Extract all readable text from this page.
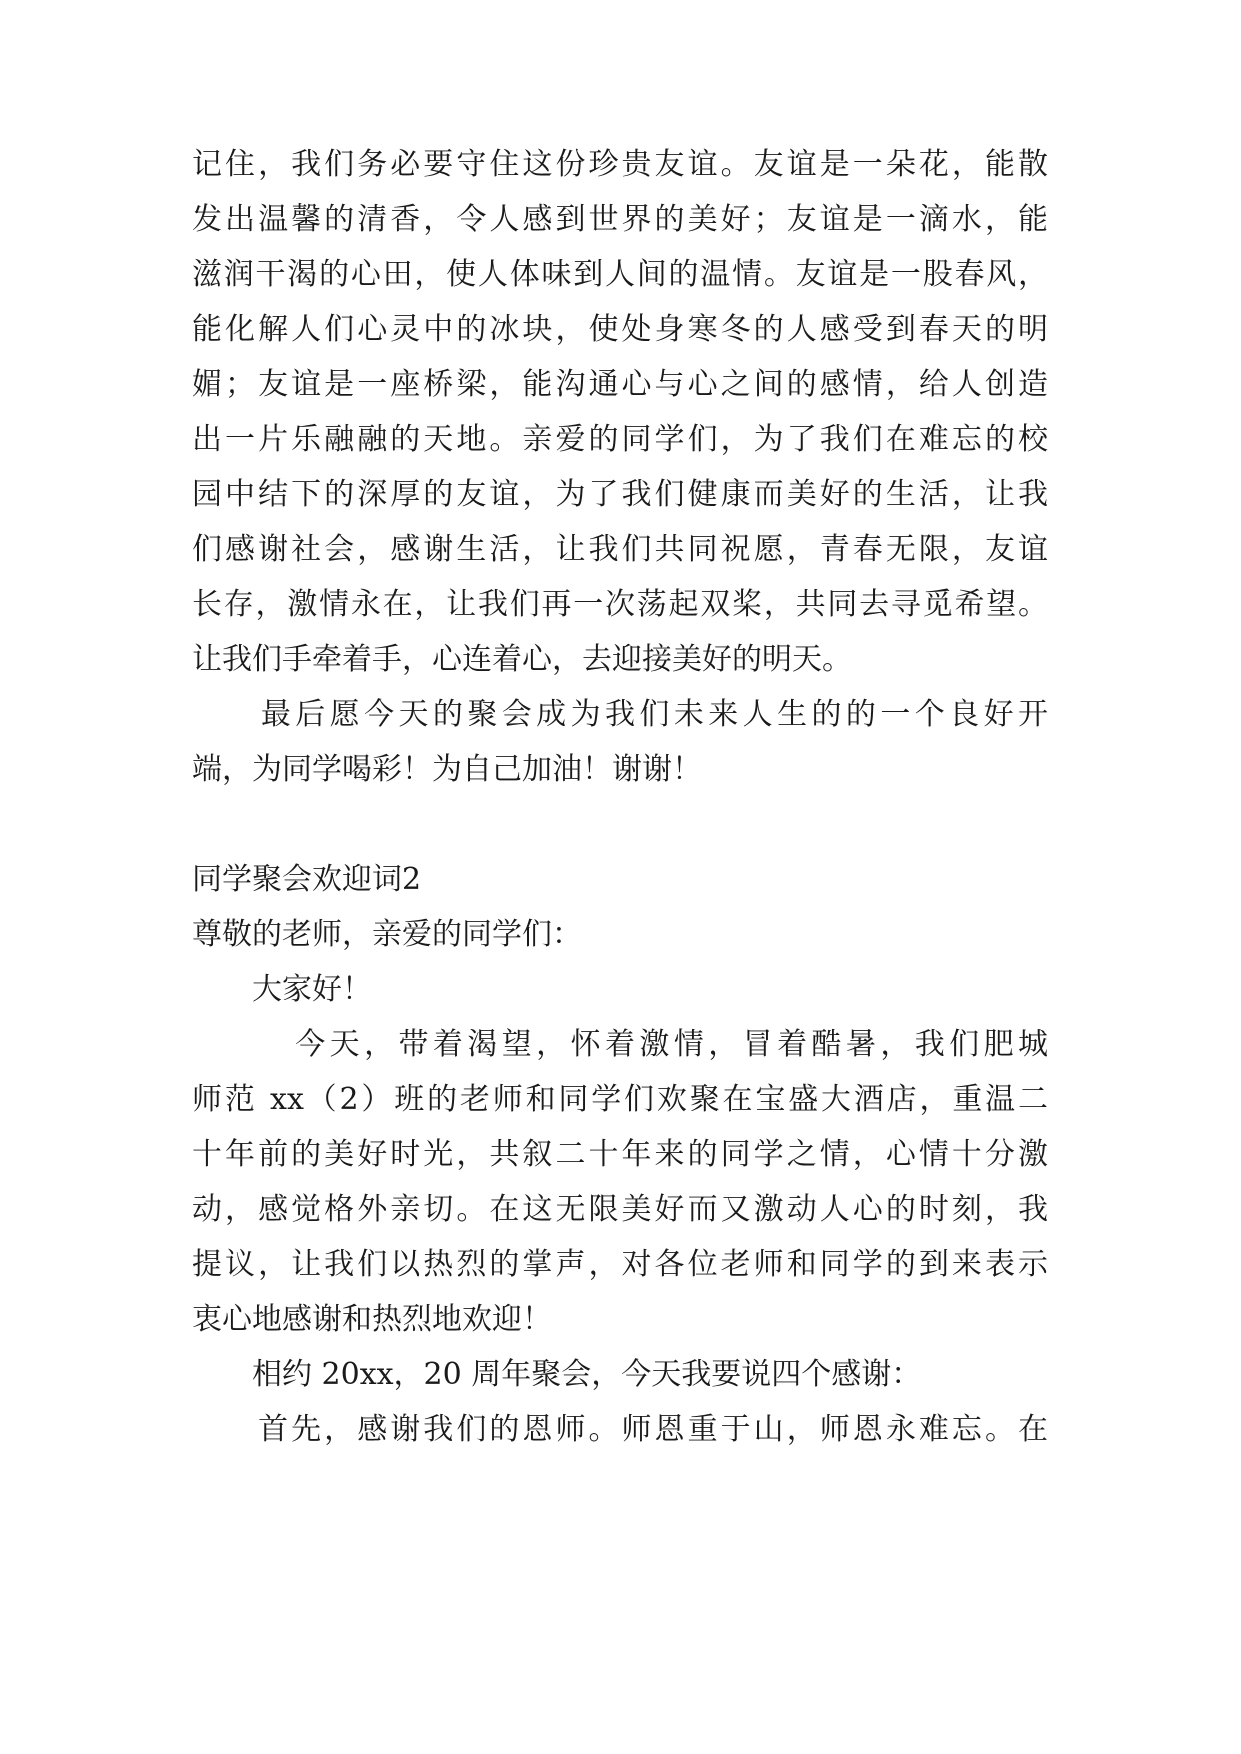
记住，我们务必要守住这份珍贵友谊。友谊是一朵花，能散
发出温馨的清香，令人感到世界的美好；友谊是一滴水，能
滋润干渴的心田，使人体味到人间的温情。友谊是一股春风，
能化解人们心灵中的冰块，使处身寒冬的人感受到春天的明
媚；友谊是一座桥梁，能沟通心与心之间的感情，给人创造
出一片乐融融的天地。亲爱的同学们，为了我们在难忘的校
园中结下的深厚的友谊，为了我们健康而美好的生活，让我
们感谢社会，感谢生活，让我们共同祝愿，青春无限，友谊
长存，激情永在，让我们再一次荡起双桨，共同去寻觅希望。
让我们手牵着手，心连着心，去迎接美好的明天。
　　最后愿今天的聚会成为我们未来人生的的一个良好开
端，为同学喝彩！为自己加油！谢谢！
同学聚会欢迎词2
尊敬的老师，亲爱的同学们：
　　大家好！
　　　今天，带着渴望，怀着激情，冒着酷暑，我们肥城
师范 xx（2）班的老师和同学们欢聚在宝盛大酒店，重温二
十年前的美好时光，共叙二十年来的同学之情，心情十分激
动，感觉格外亲切。在这无限美好而又激动人心的时刻，我
提议，让我们以热烈的掌声，对各位老师和同学的到来表示
衷心地感谢和热烈地欢迎！
　　相约 20xx，20 周年聚会，今天我要说四个感谢：
　　首先，感谢我们的恩师。师恩重于山，师恩永难忘。在
